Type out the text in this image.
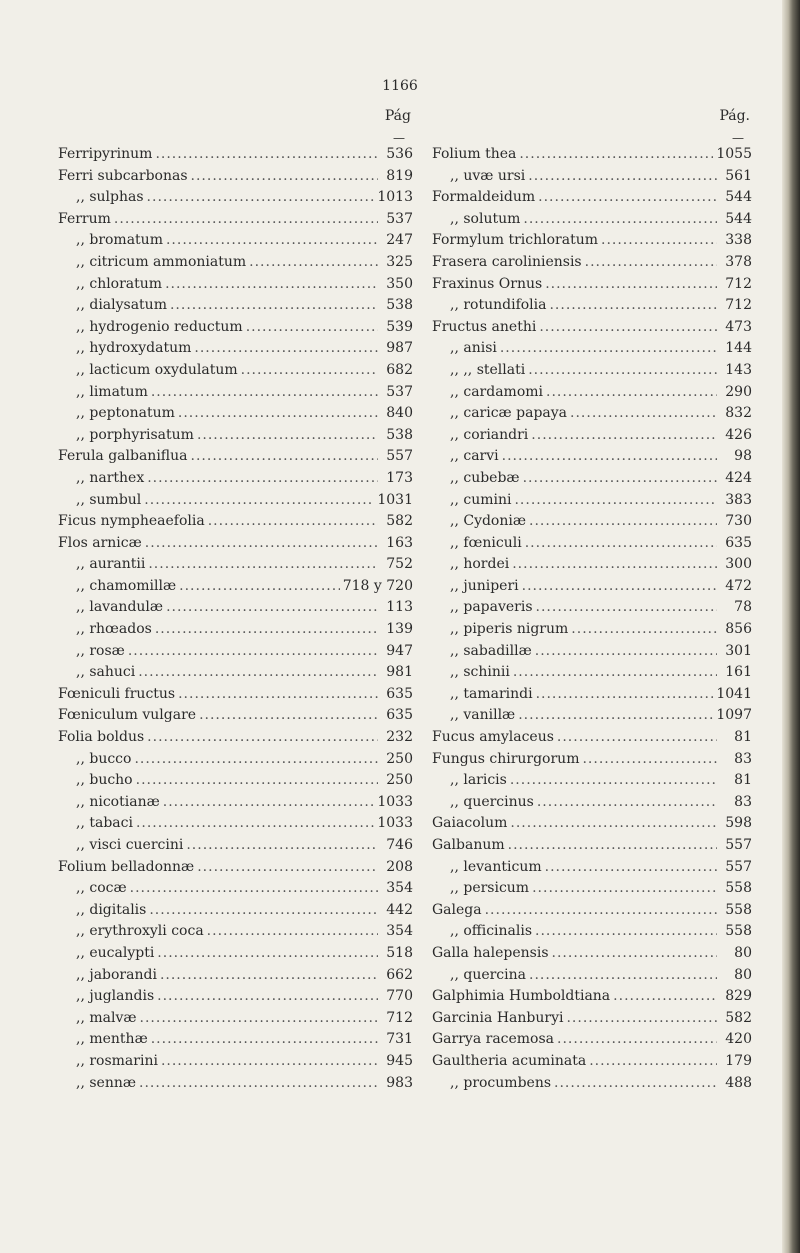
1166
Pág
—
Ferripyrinum .....	536
Ferri subcarbonas .....	819
,, sulphas .....	1013
Ferrum .....	537
,, bromatum .....	247
,, citricum ammoniatum .....	325
,, chloratum .....	350
,, dialysatum .....	538
,, hydrogenio reductum .....	539
,, hydroxydatum .....	987
,, lacticum oxydulatum .....	682
,, limatum .....	537
,, peptonatum .....	840
,, porphyrisatum .....	538
Ferula galbaniflua .....	557
,, narthex .....	173
,, sumbul .....	1031
Ficus nympheaefolia .....	582
Flos arnicæ .....	163
,, aurantii .....	752
,, chamomillæ .....	718 y 720
,, lavandulæ .....	113
,, rhœados .....	139
,, rosæ .....	947
,, sahuci .....	981
Fœniculi fructus .....	635
Fœniculum vulgare .....	635
Folia boldus .....	232
,, bucco .....	250
,, bucho .....	250
,, nicotianæ .....	1033
,, tabaci .....	1033
,, visci cuercini .....	746
Folium belladonnæ .....	208
,, cocæ .....	354
,, digitalis .....	442
,, erythroxyli coca .....	354
,, eucalypti .....	518
,, jaborandi .....	662
,, juglandis .....	770
,, malvæ .....	712
,, menthæ .....	731
,, rosmarini .....	945
,, sennæ .....	983
Pág.
—
Folium thea .....	1055
,, uvæ ursi .....	561
Formaldeidum .....	544
,, solutum .....	544
Formylum trichloratum .....	338
Frasera caroliniensis .....	378
Fraxinus Ornus .....	712
,, rotundifolia .....	712
Fructus anethi .....	473
,, anisi .....	144
,, ,, stellati .....	143
,, cardamomi .....	290
,, caricæ papaya .....	832
,, coriandri .....	426
,, carvi .....	98
,, cubebæ .....	424
,, cumini .....	383
,, Cydoniæ .....	730
,, fœniculi .....	635
,, hordei .....	300
,, juniperi .....	472
,, papaveris .....	78
,, piperis nigrum .....	856
,, sabadillæ .....	301
,, schinii .....	161
,, tamarindi .....	1041
,, vanillæ .....	1097
Fucus amylaceus .....	81
Fungus chirurgorum .....	83
,, laricis .....	81
,, quercinus .....	83
Gaiacolum .....	598
Galbanum .....	557
,, levanticum .....	557
,, persicum .....	558
Galega .....	558
,, officinalis .....	558
Galla halepensis .....	80
,, quercina .....	80
Galphimia Humboldtiana .....	829
Garcinia Hanburyi .....	582
Garrya racemosa .....	420
Gaultheria acuminata .....	179
,, procumbens .....	488
